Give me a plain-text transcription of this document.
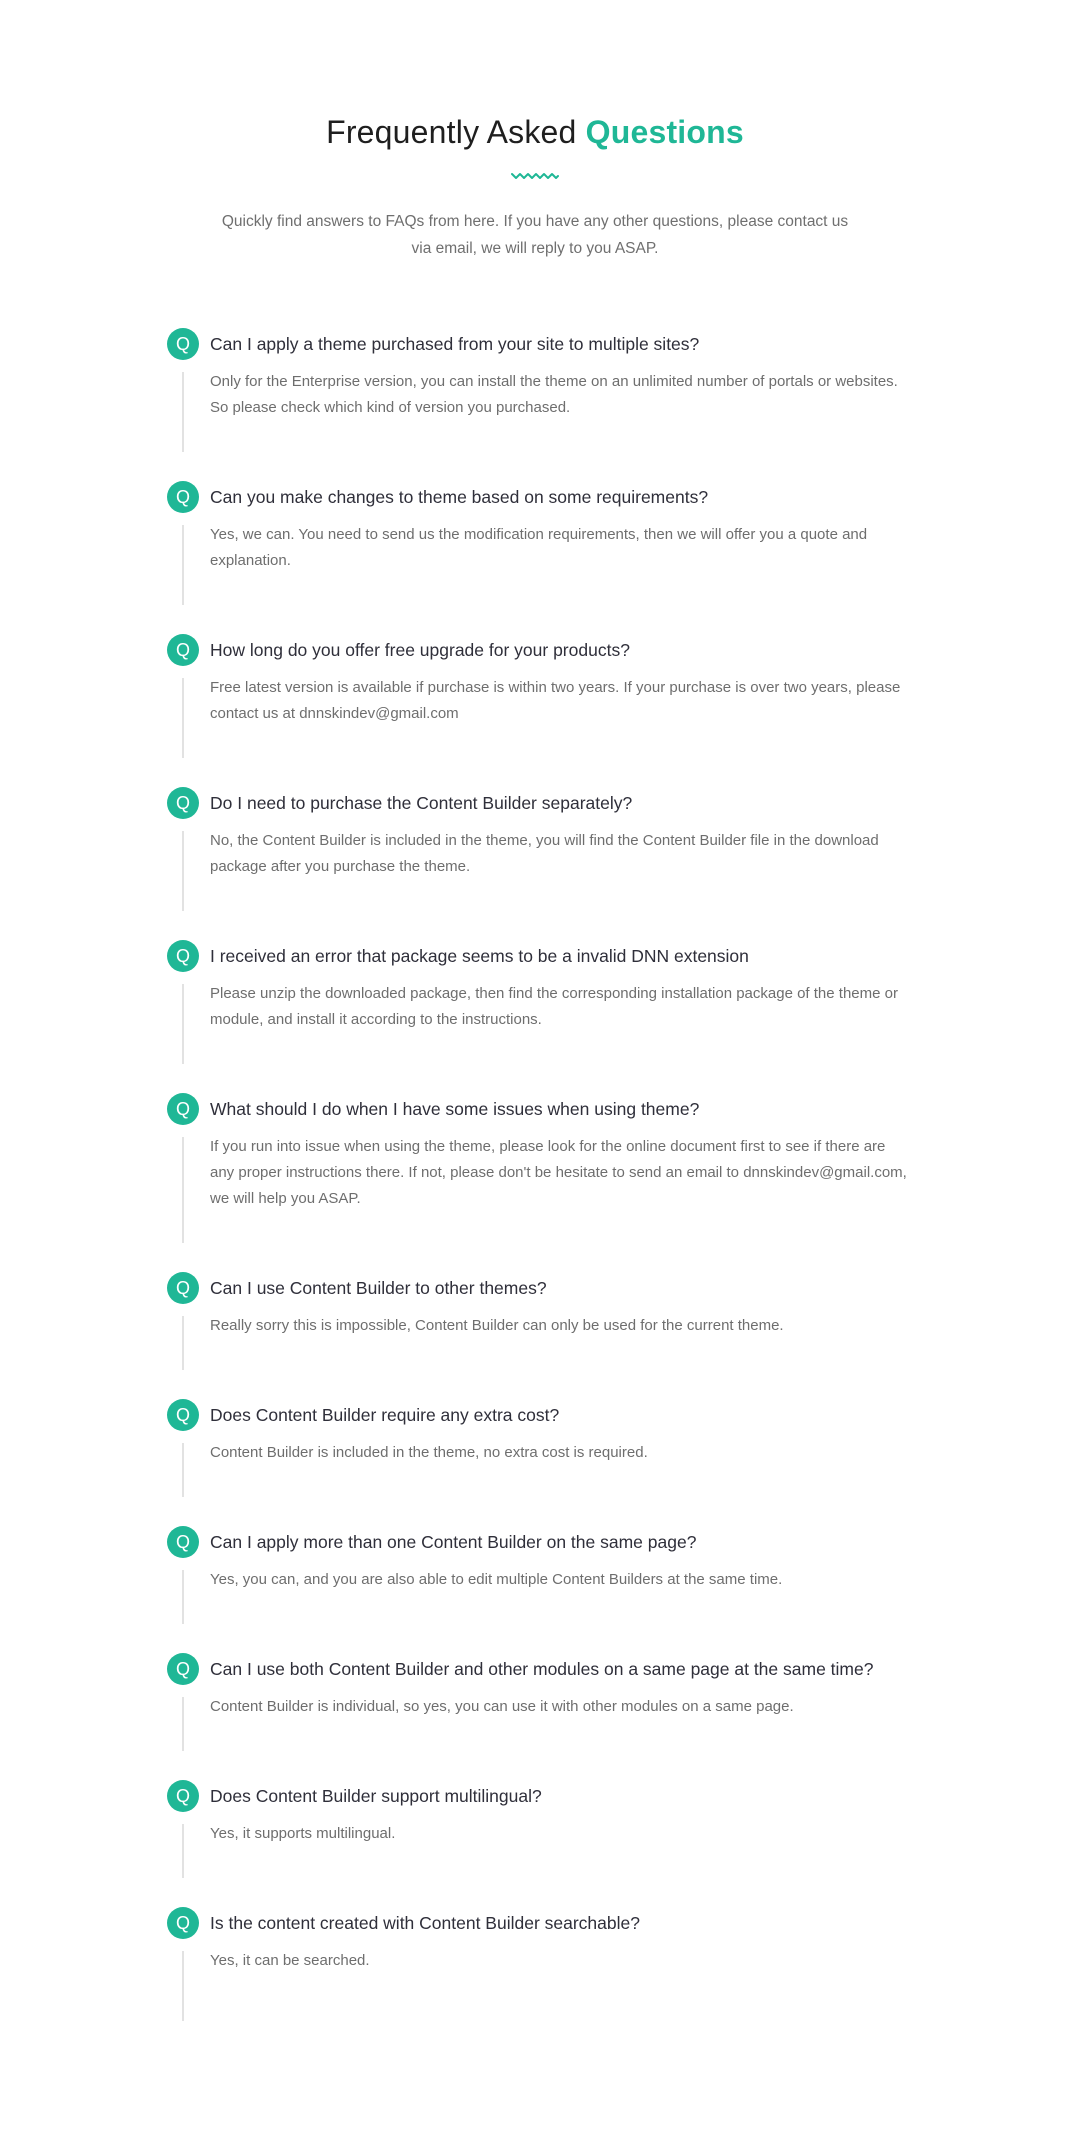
Frequently Asked Questions

Quickly find answers to FAQs from here. If you have any other questions, please contact us via email, we will reply to you ASAP.

Q	Can I apply a theme purchased from your site to multiple sites?
Only for the Enterprise version, you can install the theme on an unlimited number of portals or websites. So please check which kind of version you purchased.
Q	Can you make changes to theme based on some requirements?
Yes, we can. You need to send us the modification requirements, then we will offer you a quote and explanation.
Q	How long do you offer free upgrade for your products?
Free latest version is available if purchase is within two years. If your purchase is over two years, please contact us at dnnskindev@gmail.com
Q	Do I need to purchase the Content Builder separately?
No, the Content Builder is included in the theme, you will find the Content Builder file in the download package after you purchase the theme.
Q	I received an error that package seems to be a invalid DNN extension
Please unzip the downloaded package, then find the corresponding installation package of the theme or module, and install it according to the instructions.
Q	What should I do when I have some issues when using theme?
If you run into issue when using the theme, please look for the online document first to see if there are any proper instructions there. If not, please don't be hesitate to send an email to dnnskindev@gmail.com, we will help you ASAP.
Q	Can I use Content Builder to other themes?
Really sorry this is impossible, Content Builder can only be used for the current theme.
Q	Does Content Builder require any extra cost?
Content Builder is included in the theme, no extra cost is required.
Q	Can I apply more than one Content Builder on the same page?
Yes, you can, and you are also able to edit multiple Content Builders at the same time.
Q	Can I use both Content Builder and other modules on a same page at the same time?
Content Builder is individual, so yes, you can use it with other modules on a same page.
Q	Does Content Builder support multilingual?
Yes, it supports multilingual.
Q	Is the content created with Content Builder searchable?
Yes, it can be searched.
